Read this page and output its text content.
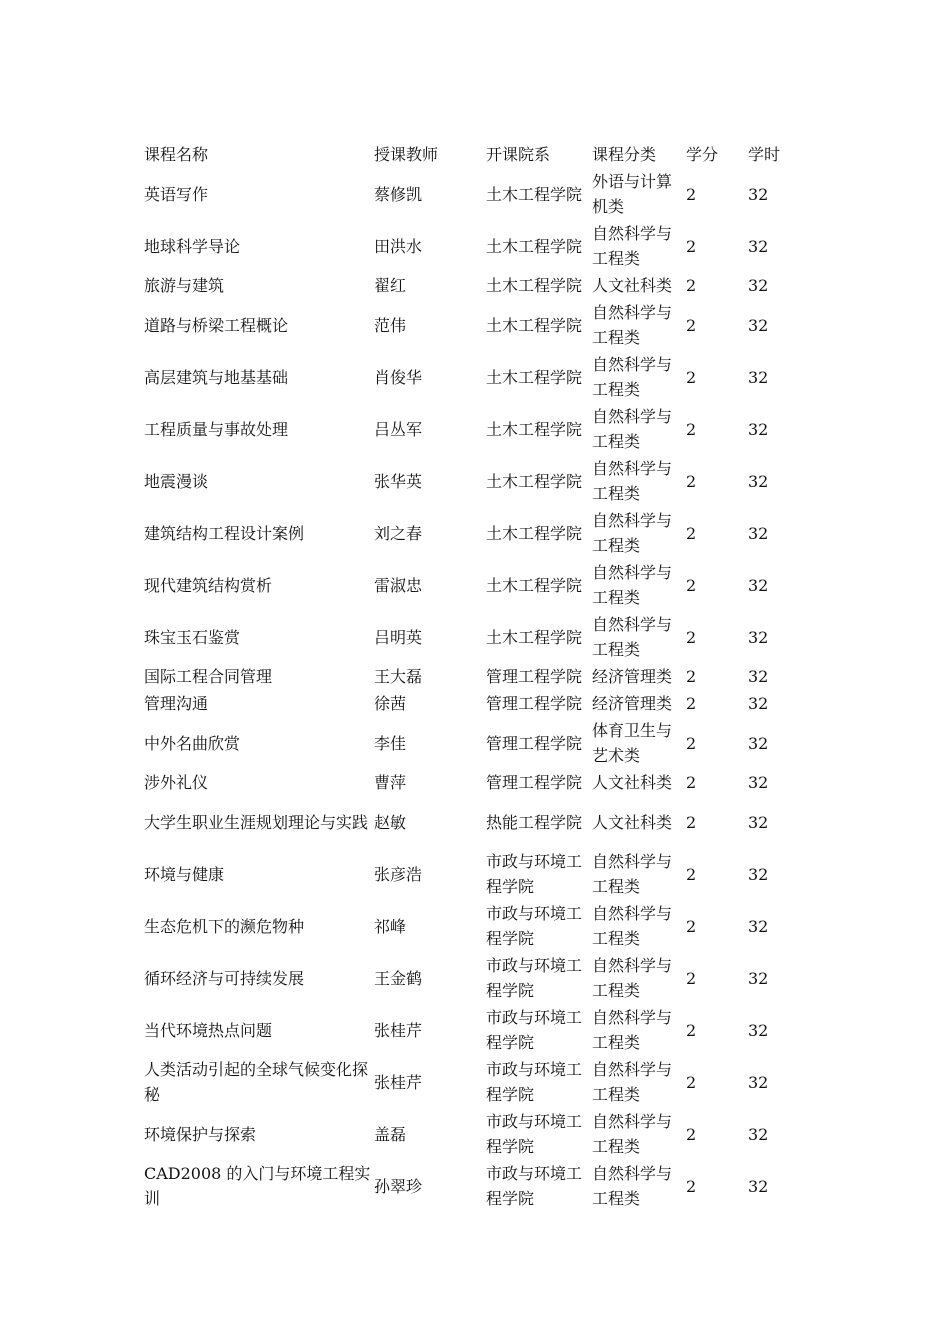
课程名称	授课教师	开课院系	课程分类	学分	学时

英语写作	蔡修凯	土木工程学院	外语与计算机类	2	32

地球科学导论	田洪水	土木工程学院	自然科学与工程类	2	32

旅游与建筑	翟红	土木工程学院	人文社科类	2	32

道路与桥梁工程概论	范伟	土木工程学院	自然科学与工程类	2	32

高层建筑与地基基础	肖俊华	土木工程学院	自然科学与工程类	2	32

工程质量与事故处理	吕丛军	土木工程学院	自然科学与工程类	2	32

地震漫谈	张华英	土木工程学院	自然科学与工程类	2	32

建筑结构工程设计案例	刘之春	土木工程学院	自然科学与工程类	2	32

现代建筑结构赏析	雷淑忠	土木工程学院	自然科学与工程类	2	32

珠宝玉石鉴赏	吕明英	土木工程学院	自然科学与工程类	2	32

国际工程合同管理	王大磊	管理工程学院	经济管理类	2	32

管理沟通	徐茜	管理工程学院	经济管理类	2	32

中外名曲欣赏	李佳	管理工程学院	体育卫生与艺术类	2	32

涉外礼仪	曹萍	管理工程学院	人文社科类	2	32

大学生职业生涯规划理论与实践	赵敏	热能工程学院	人文社科类	2	32

环境与健康	张彦浩	市政与环境工程学院	自然科学与工程类	2	32

生态危机下的濒危物种	祁峰	市政与环境工程学院	自然科学与工程类	2	32

循环经济与可持续发展	王金鹤	市政与环境工程学院	自然科学与工程类	2	32

当代环境热点问题	张桂芹	市政与环境工程学院	自然科学与工程类	2	32

人类活动引起的全球气候变化探秘	张桂芹	市政与环境工程学院	自然科学与工程类	2	32

环境保护与探索	盖磊	市政与环境工程学院	自然科学与工程类	2	32

CAD2008 的入门与环境工程实训	孙翠珍	市政与环境工程学院	自然科学与工程类	2	32
